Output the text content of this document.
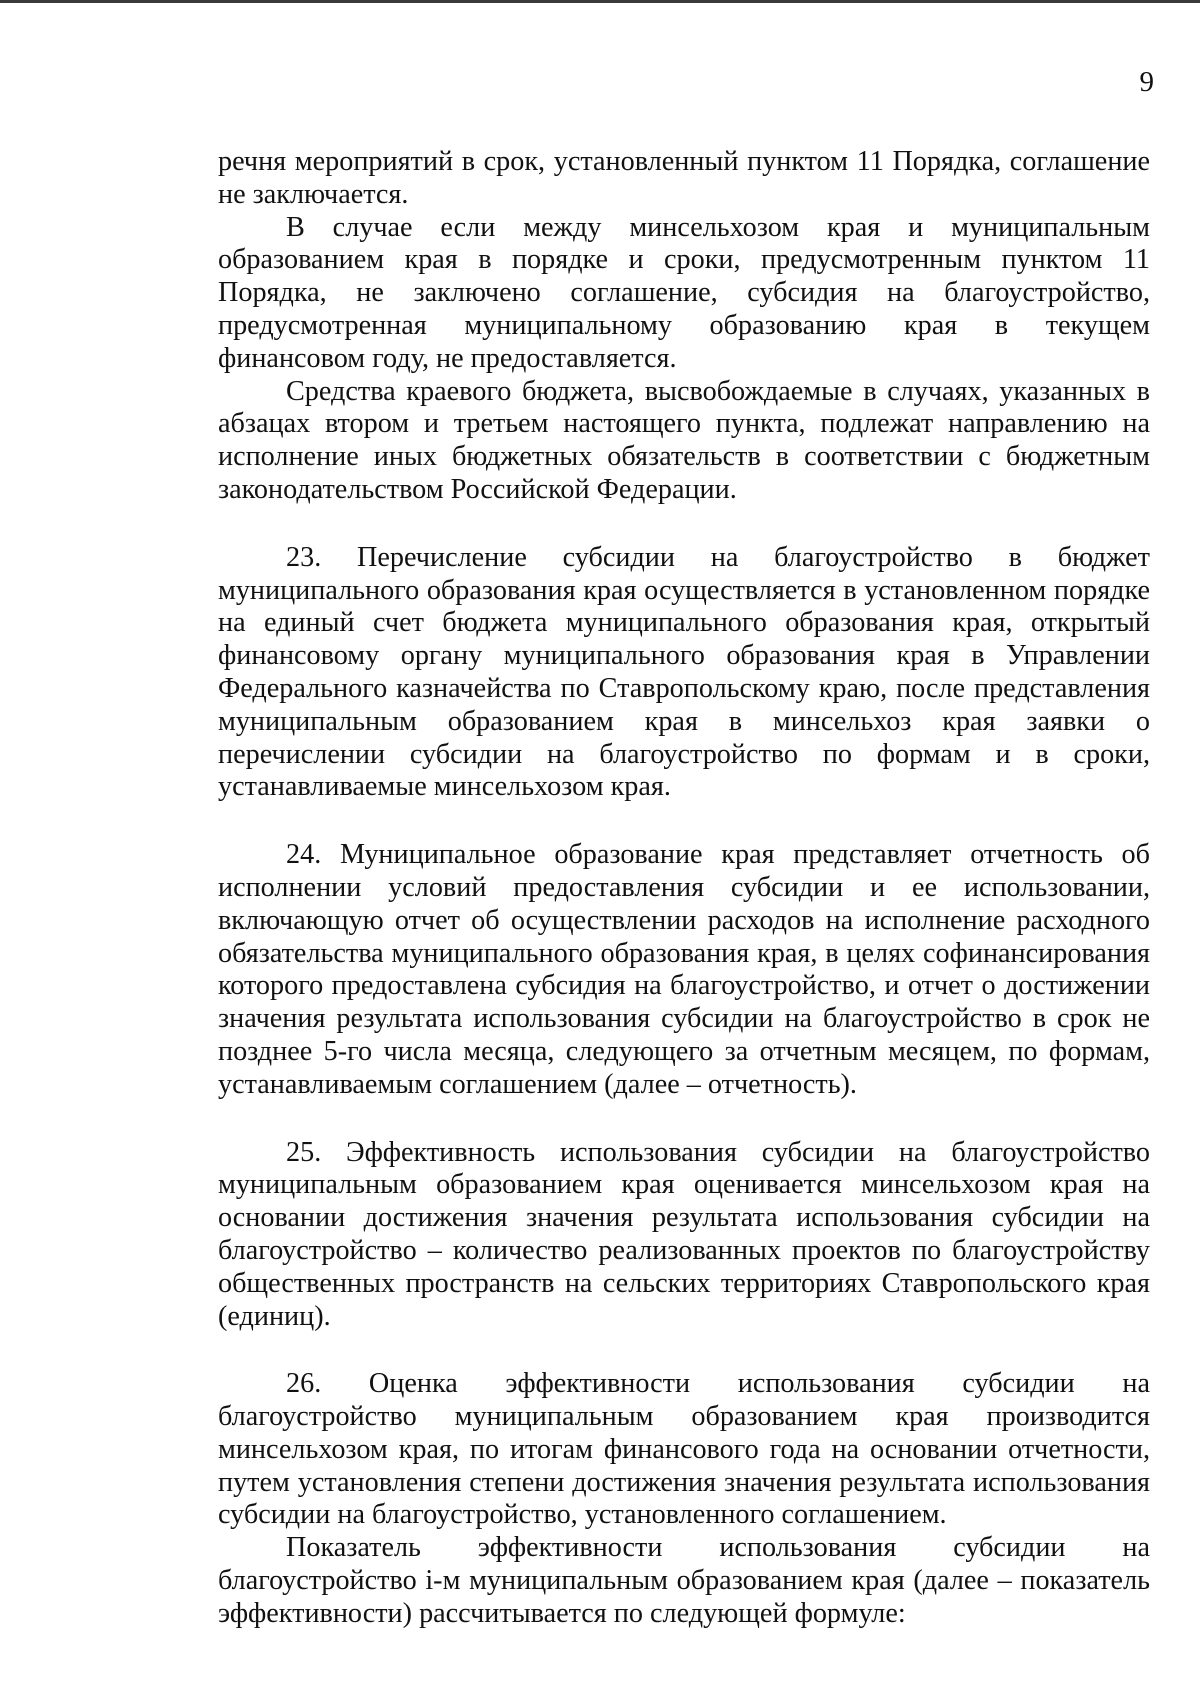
9

речня мероприятий в срок, установленный пунктом 11 Порядка, соглашение не заключается.

В случае если между минсельхозом края и муниципальным образованием края в порядке и сроки, предусмотренным пунктом 11 Порядка, не заключено соглашение, субсидия на благоустройство, предусмотренная муниципальному образованию края в текущем финансовом году, не предоставляется.

Средства краевого бюджета, высвобождаемые в случаях, указанных в абзацах втором и третьем настоящего пункта, подлежат направлению на исполнение иных бюджетных обязательств в соответствии с бюджетным законодательством Российской Федерации.

23. Перечисление субсидии на благоустройство в бюджет муниципального образования края осуществляется в установленном порядке на единый счет бюджета муниципального образования края, открытый финансовому органу муниципального образования края в Управлении Федерального казначейства по Ставропольскому краю, после представления муниципальным образованием края в минсельхоз края заявки о перечислении субсидии на благоустройство по формам и в сроки, устанавливаемые минсельхозом края.

24. Муниципальное образование края представляет отчетность об исполнении условий предоставления субсидии и ее использовании, включающую отчет об осуществлении расходов на исполнение расходного обязательства муниципального образования края, в целях софинансирования которого предоставлена субсидия на благоустройство, и отчет о достижении значения результата использования субсидии на благоустройство в срок не позднее 5-го числа месяца, следующего за отчетным месяцем, по формам, устанавливаемым соглашением (далее – отчетность).

25. Эффективность использования субсидии на благоустройство муниципальным образованием края оценивается минсельхозом края на основании достижения значения результата использования субсидии на благоустройство – количество реализованных проектов по благоустройству общественных пространств на сельских территориях Ставропольского края (единиц).

26. Оценка эффективности использования субсидии на благоустройство муниципальным образованием края производится минсельхозом края, по итогам финансового года на основании отчетности, путем установления степени достижения значения результата использования субсидии на благоустройство, установленного соглашением.

Показатель эффективности использования субсидии на благоустройство i-м муниципальным образованием края (далее – показатель эффективности) рассчитывается по следующей формуле:
